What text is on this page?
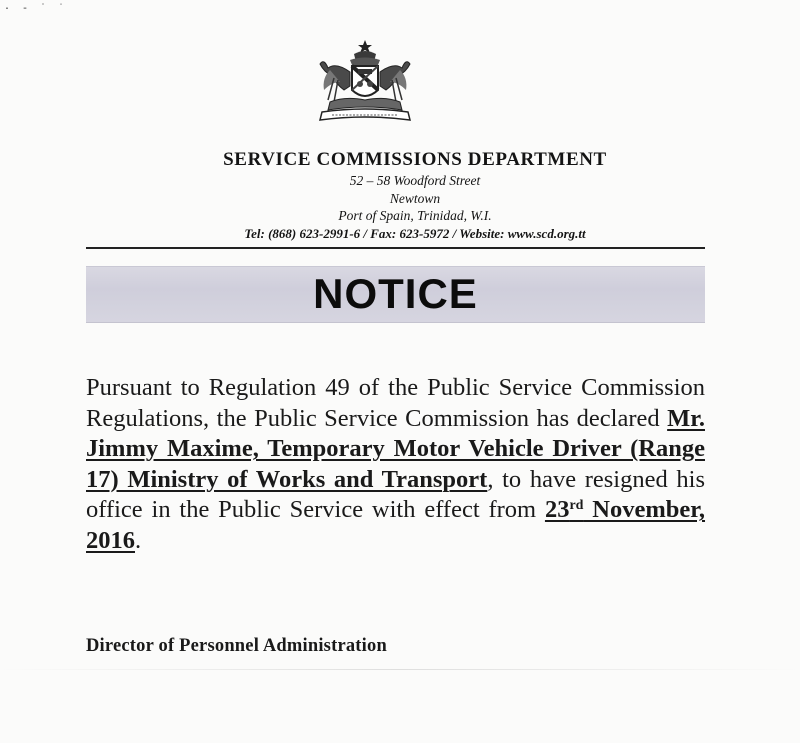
· - ˙ ˈ
SERVICE COMMISSIONS DEPARTMENT
52 – 58 Woodford Street
Newtown
Port of Spain, Trinidad, W.I.
Tel: (868) 623-2991-6 / Fax: 623-5972 / Website: www.scd.org.tt
NOTICE
Pursuant to Regulation 49 of the Public Service Commission Regulations, the Public Service Commission has declared Mr. Jimmy Maxime, Temporary Motor Vehicle Driver (Range 17) Ministry of Works and Transport, to have resigned his office in the Public Service with effect from 23rd November, 2016.
Director of Personnel Administration
